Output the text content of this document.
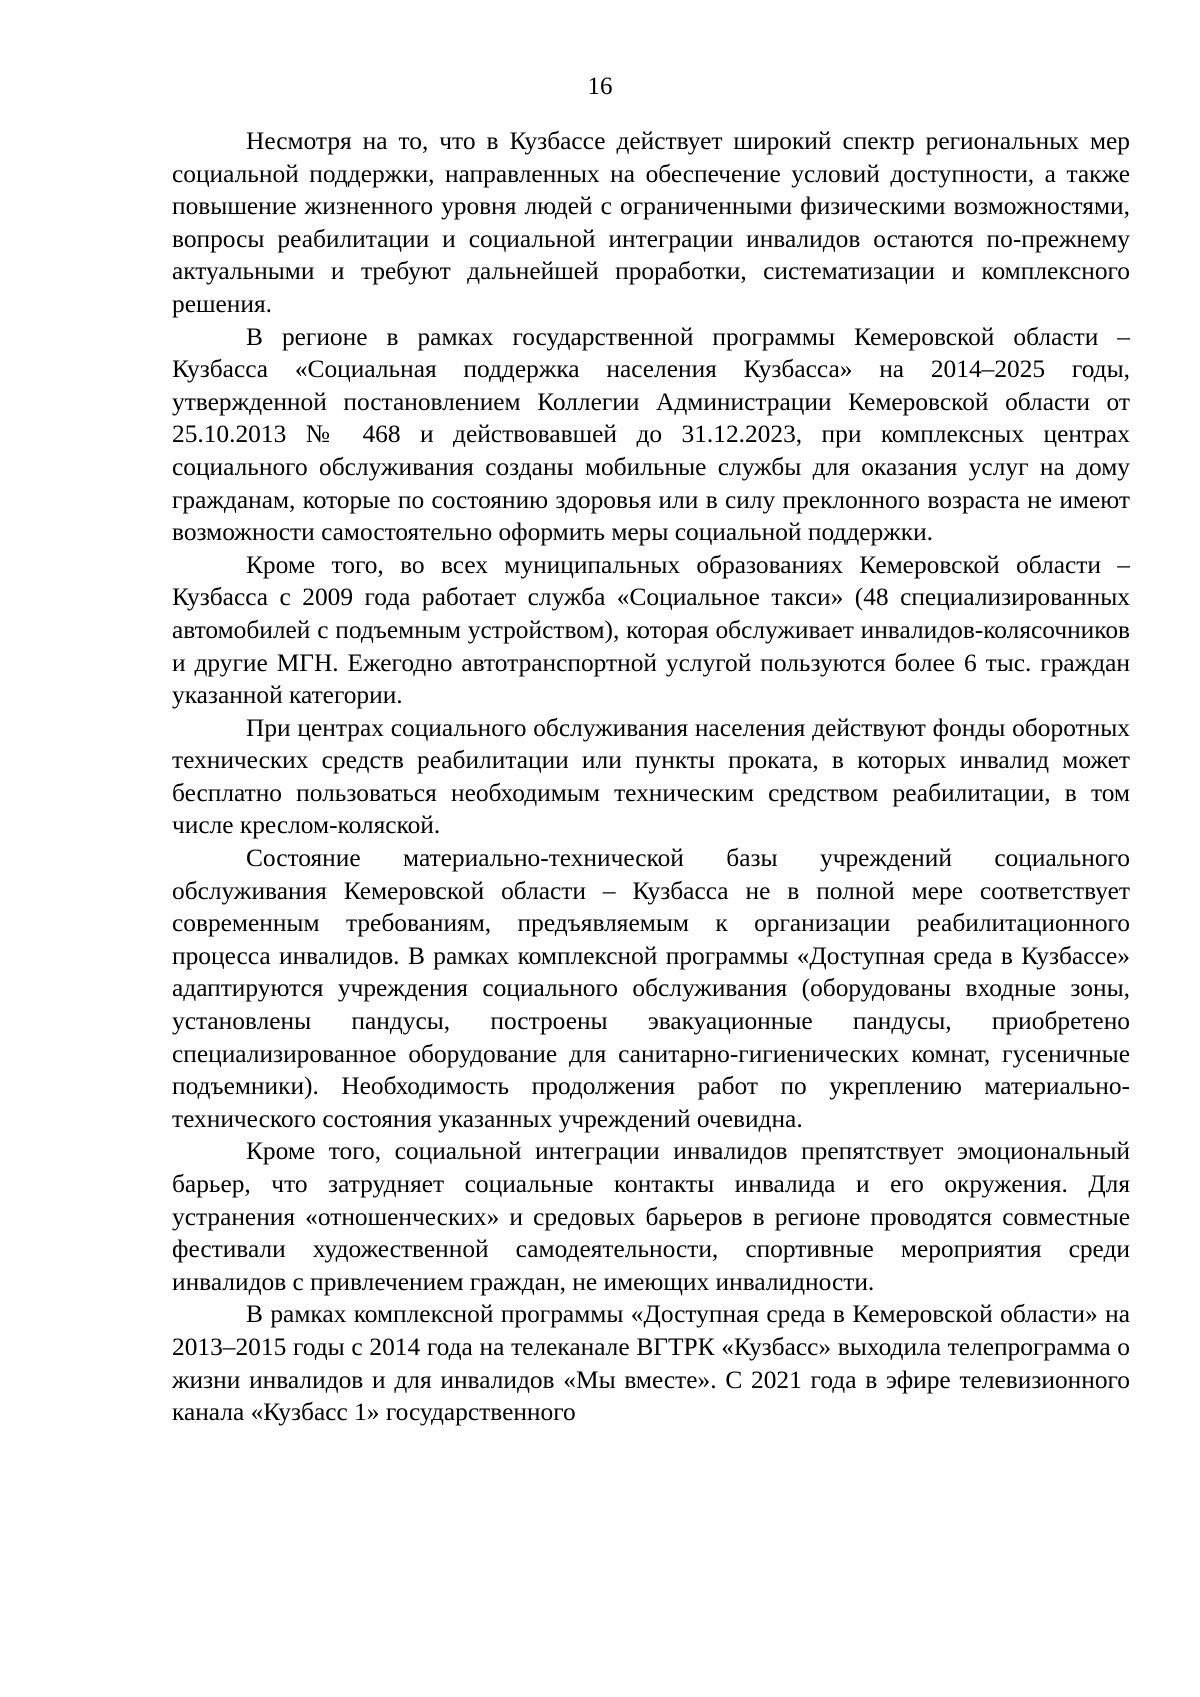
16

Несмотря на то, что в Кузбассе действует широкий спектр региональных мер социальной поддержки, направленных на обеспечение условий доступности, а также повышение жизненного уровня людей с ограниченными физическими возможностями, вопросы реабилитации и социальной интеграции инвалидов остаются по-прежнему актуальными и требуют дальнейшей проработки, систематизации и комплексного решения.

В регионе в рамках государственной программы Кемеровской области – Кузбасса «Социальная поддержка населения Кузбасса» на 2014–2025 годы, утвержденной постановлением Коллегии Администрации Кемеровской области от 25.10.2013 № 468 и действовавшей до 31.12.2023, при комплексных центрах социального обслуживания созданы мобильные службы для оказания услуг на дому гражданам, которые по состоянию здоровья или в силу преклонного возраста не имеют возможности самостоятельно оформить меры социальной поддержки.

Кроме того, во всех муниципальных образованиях Кемеровской области – Кузбасса с 2009 года работает служба «Социальное такси» (48 специализированных автомобилей с подъемным устройством), которая обслуживает инвалидов-колясочников и другие МГН. Ежегодно автотранспортной услугой пользуются более 6 тыс. граждан указанной категории.

При центрах социального обслуживания населения действуют фонды оборотных технических средств реабилитации или пункты проката, в которых инвалид может бесплатно пользоваться необходимым техническим средством реабилитации, в том числе креслом-коляской.

Состояние материально-технической базы учреждений социального обслуживания Кемеровской области – Кузбасса не в полной мере соответствует современным требованиям, предъявляемым к организации реабилитационного процесса инвалидов. В рамках комплексной программы «Доступная среда в Кузбассе» адаптируются учреждения социального обслуживания (оборудованы входные зоны, установлены пандусы, построены эвакуационные пандусы, приобретено специализированное оборудование для санитарно-гигиенических комнат, гусеничные подъемники). Необходимость продолжения работ по укреплению материально-технического состояния указанных учреждений очевидна.

Кроме того, социальной интеграции инвалидов препятствует эмоциональный барьер, что затрудняет социальные контакты инвалида и его окружения. Для устранения «отношенческих» и средовых барьеров в регионе проводятся совместные фестивали художественной самодеятельности, спортивные мероприятия среди инвалидов с привлечением граждан, не имеющих инвалидности.

В рамках комплексной программы «Доступная среда в Кемеровской области» на 2013–2015 годы с 2014 года на телеканале ВГТРК «Кузбасс» выходила телепрограмма о жизни инвалидов и для инвалидов «Мы вместе». С 2021 года в эфире телевизионного канала «Кузбасс 1» государственного
